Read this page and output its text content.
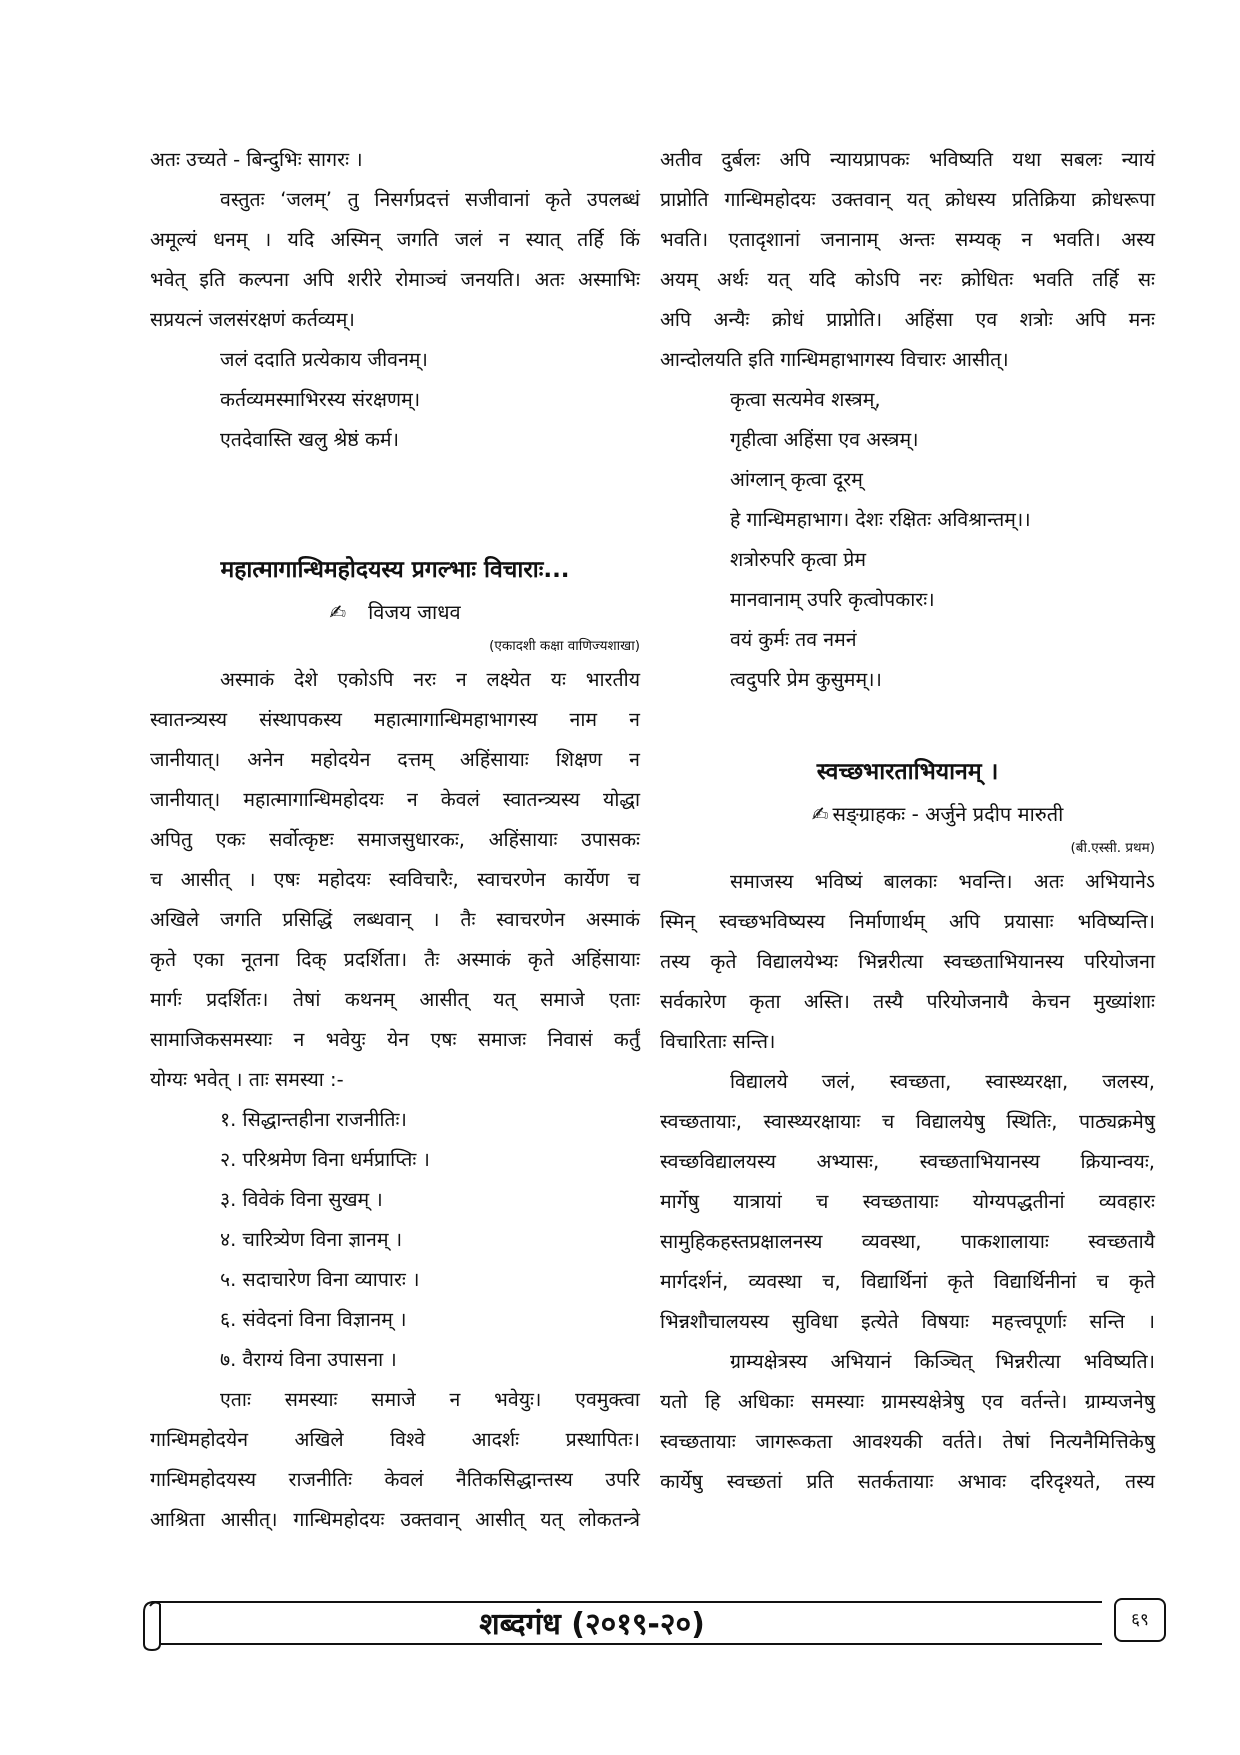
अतः उच्यते - बिन्दुभिः सागरः ।
वस्तुतः ‘जलम्’ तु निसर्गप्रदत्तं सजीवानां कृते उपलब्धं
अमूल्यं धनम् । यदि अस्मिन् जगति जलं न स्यात् तर्हि किं
भवेत् इति कल्पना अपि शरीरे रोमाञ्चं जनयति। अतः अस्माभिः
सप्रयत्नं जलसंरक्षणं कर्तव्यम्।
जलं ददाति प्रत्येकाय जीवनम्।
कर्तव्यमस्माभिरस्य संरक्षणम्।
एतदेवास्ति खलु श्रेष्ठं कर्म।
महात्मागान्धिमहोदयस्य प्रगल्भाः विचाराः...
✍ विजय जाधव
(एकादशी कक्षा वाणिज्यशाखा)
अस्माकं देशे एकोऽपि नरः न लक्ष्येत यः भारतीय
स्वातन्त्र्यस्य संस्थापकस्य महात्मागान्धिमहाभागस्य नाम न
जानीयात्। अनेन महोदयेन दत्तम् अहिंसायाः शिक्षण न
जानीयात्। महात्मागान्धिमहोदयः न केवलं स्वातन्त्र्यस्य योद्धा
अपितु एकः सर्वोत्कृष्टः समाजसुधारकः, अहिंसायाः उपासकः
च आसीत् । एषः महोदयः स्वविचारैः, स्वाचरणेन कार्येण च
अखिले जगति प्रसिद्धिं लब्धवान् । तैः स्वाचरणेन अस्माकं
कृते एका नूतना दिक् प्रदर्शिता। तैः अस्माकं कृते अहिंसायाः
मार्गः प्रदर्शितः। तेषां कथनम् आसीत् यत् समाजे एताः
सामाजिकसमस्याः न भवेयुः येन एषः समाजः निवासं कर्तुं
योग्यः भवेत् । ताः समस्या :-
१. सिद्धान्तहीना राजनीतिः।
२. परिश्रमेण विना धर्मप्राप्तिः ।
३. विवेकं विना सुखम् ।
४. चारित्र्येण विना ज्ञानम् ।
५. सदाचारेण विना व्यापारः ।
६. संवेदनां विना विज्ञानम् ।
७. वैराग्यं विना उपासना ।
एताः समस्याः समाजे न भवेयुः। एवमुक्त्वा
गान्धिमहोदयेन अखिले विश्वे आदर्शः प्रस्थापितः।
गान्धिमहोदयस्य राजनीतिः केवलं नैतिकसिद्धान्तस्य उपरि
आश्रिता आसीत्। गान्धिमहोदयः उक्तवान् आसीत् यत् लोकतन्त्रे
अतीव दुर्बलः अपि न्यायप्रापकः भविष्यति यथा सबलः न्यायं
प्राप्नोति गान्धिमहोदयः उक्तवान् यत् क्रोधस्य प्रतिक्रिया क्रोधरूपा
भवति। एतादृशानां जनानाम् अन्तः सम्यक् न भवति। अस्य
अयम् अर्थः यत् यदि कोऽपि नरः क्रोधितः भवति तर्हि सः
अपि अन्यैः क्रोधं प्राप्नोति। अहिंसा एव शत्रोः अपि मनः
आन्दोलयति इति गान्धिमहाभागस्य विचारः आसीत्।
कृत्वा सत्यमेव शस्त्रम्,
गृहीत्वा अहिंसा एव अस्त्रम्।
आंग्लान् कृत्वा दूरम्
हे गान्धिमहाभाग। देशः रक्षितः अविश्रान्तम्।।
शत्रोरुपरि कृत्वा प्रेम
मानवानाम् उपरि कृत्वोपकारः।
वयं कुर्मः तव नमनं
त्वदुपरि प्रेम कुसुमम्।।
स्वच्छभारताभियानम् ।
✍ सङ्ग्राहकः - अर्जुने प्रदीप मारुती
(बी.एस्सी. प्रथम)
समाजस्य भविष्यं बालकाः भवन्ति। अतः अभियानेऽ
स्मिन् स्वच्छभविष्यस्य निर्माणार्थम् अपि प्रयासाः भविष्यन्ति।
तस्य कृते विद्यालयेभ्यः भिन्नरीत्या स्वच्छताभियानस्य परियोजना
सर्वकारेण कृता अस्ति। तस्यै परियोजनायै केचन मुख्यांशाः
विचारिताः सन्ति।
विद्यालये जलं, स्वच्छता, स्वास्थ्यरक्षा, जलस्य,
स्वच्छतायाः, स्वास्थ्यरक्षायाः च विद्यालयेषु स्थितिः, पाठ्यक्रमेषु
स्वच्छविद्यालयस्य अभ्यासः, स्वच्छताभियानस्य क्रियान्वयः,
मार्गेषु यात्रायां च स्वच्छतायाः योग्यपद्धतीनां व्यवहारः
सामुहिकहस्तप्रक्षालनस्य व्यवस्था, पाकशालायाः स्वच्छतायै
मार्गदर्शनं, व्यवस्था च, विद्यार्थिनां कृते विद्यार्थिनीनां च कृते
भिन्नशौचालयस्य सुविधा इत्येते विषयाः महत्त्वपूर्णाः सन्ति ।
ग्राम्यक्षेत्रस्य अभियानं किञ्चित् भिन्नरीत्या भविष्यति।
यतो हि अधिकाः समस्याः ग्रामस्यक्षेत्रेषु एव वर्तन्ते। ग्राम्यजनेषु
स्वच्छतायाः जागरूकता आवश्यकी वर्तते। तेषां नित्यनैमित्तिकेषु
कार्येषु स्वच्छतां प्रति सतर्कतायाः अभावः दरिदृश्यते, तस्य
शब्दगंध (२०१९-२०)	६९
